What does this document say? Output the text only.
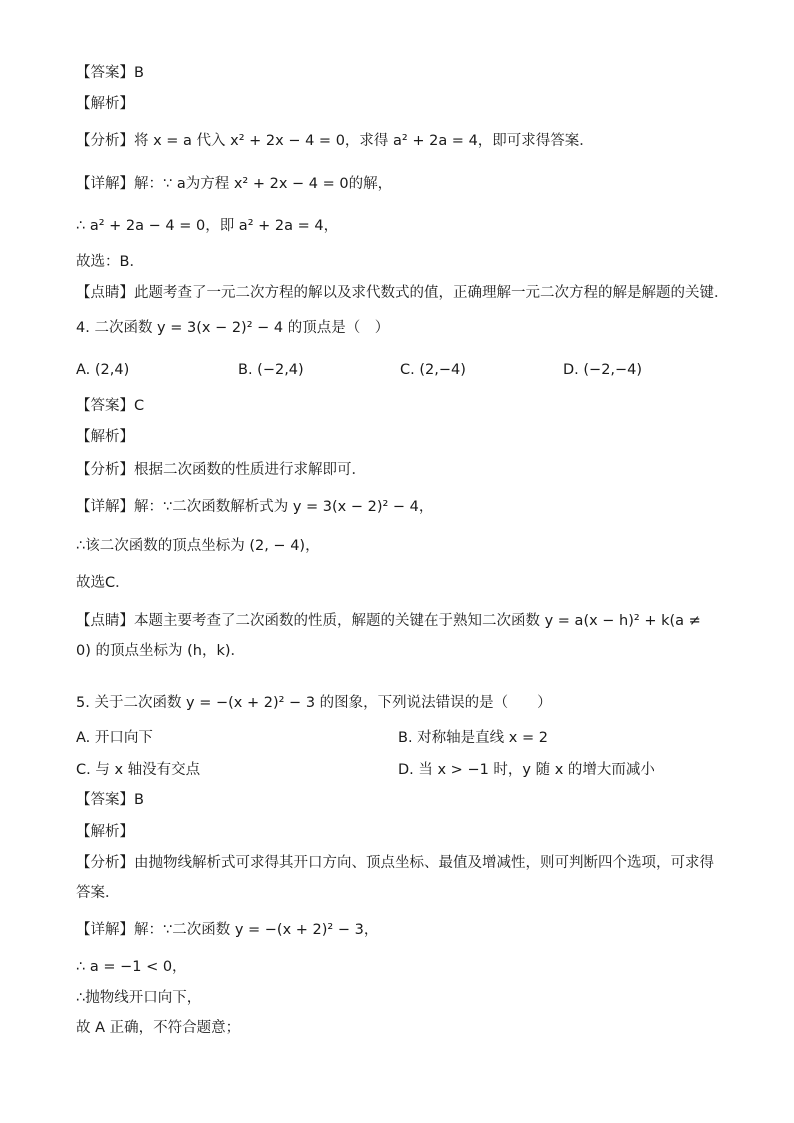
【答案】B
【解析】
【分析】将 x = a 代入 x² + 2x − 4 = 0，求得 a² + 2a = 4，即可求得答案．
【详解】解：∵ a为方程 x² + 2x − 4 = 0的解，
∴ a² + 2a − 4 = 0，即 a² + 2a = 4，
故选：B．
【点睛】此题考查了一元二次方程的解以及求代数式的值，正确理解一元二次方程的解是解题的关键．
4. 二次函数 y = 3(x − 2)² − 4 的顶点是（　）
A. (2,4)	B. (−2,4)	C. (2,−4)	D. (−2,−4)
【答案】C
【解析】
【分析】根据二次函数的性质进行求解即可．
【详解】解：∵二次函数解析式为 y = 3(x − 2)² − 4，
∴该二次函数的顶点坐标为 (2, − 4)，
故选C．
【点睛】本题主要考查了二次函数的性质，解题的关键在于熟知二次函数 y = a(x − h)² + k(a ≠ 0) 的顶点坐标为 (h，k)．
5. 关于二次函数 y = −(x + 2)² − 3 的图象，下列说法错误的是（　　）
A. 开口向下	B. 对称轴是直线 x = 2
C. 与 x 轴没有交点	D. 当 x > −1 时，y 随 x 的增大而减小
【答案】B
【解析】
【分析】由抛物线解析式可求得其开口方向、顶点坐标、最值及增减性，则可判断四个选项，可求得答案．
【详解】解：∵二次函数 y = −(x + 2)² − 3，
∴ a = −1 < 0，
∴抛物线开口向下，
故 A 正确，不符合题意；
